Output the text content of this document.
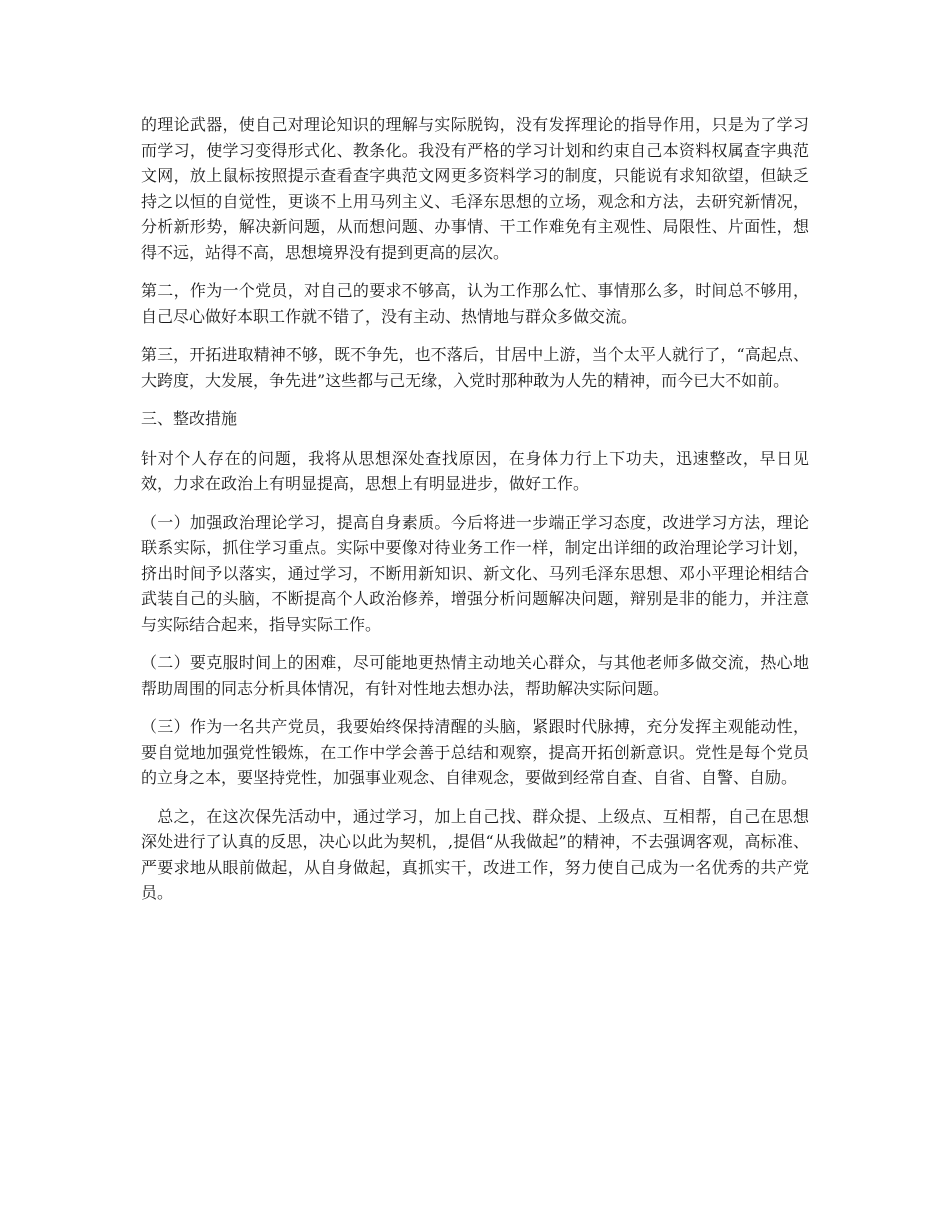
的理论武器，使自己对理论知识的理解与实际脱钩，没有发挥理论的指导作用，只是为了学习而学习，使学习变得形式化、教条化。我没有严格的学习计划和约束自己本资料权属查字典范文网，放上鼠标按照提示查看查字典范文网更多资料学习的制度，只能说有求知欲望，但缺乏持之以恒的自觉性，更谈不上用马列主义、毛泽东思想的立场，观念和方法，去研究新情况，分析新形势，解决新问题，从而想问题、办事情、干工作难免有主观性、局限性、片面性，想得不远，站得不高，思想境界没有提到更高的层次。

第二，作为一个党员，对自己的要求不够高，认为工作那么忙、事情那么多，时间总不够用，自己尽心做好本职工作就不错了，没有主动、热情地与群众多做交流。

第三，开拓进取精神不够，既不争先，也不落后，甘居中上游，当个太平人就行了，“高起点、大跨度，大发展，争先进”这些都与己无缘，入党时那种敢为人先的精神，而今已大不如前。

三、整改措施

针对个人存在的问题，我将从思想深处查找原因，在身体力行上下功夫，迅速整改，早日见效，力求在政治上有明显提高，思想上有明显进步，做好工作。

（一）加强政治理论学习，提高自身素质。今后将进一步端正学习态度，改进学习方法，理论联系实际，抓住学习重点。实际中要像对待业务工作一样，制定出详细的政治理论学习计划，挤出时间予以落实，通过学习，不断用新知识、新文化、马列毛泽东思想、邓小平理论相结合武装自己的头脑，不断提高个人政治修养，增强分析问题解决问题，辩别是非的能力，并注意与实际结合起来，指导实际工作。

（二）要克服时间上的困难，尽可能地更热情主动地关心群众，与其他老师多做交流，热心地帮助周围的同志分析具体情况，有针对性地去想办法，帮助解决实际问题。

（三）作为一名共产党员，我要始终保持清醒的头脑，紧跟时代脉搏，充分发挥主观能动性，要自觉地加强党性锻炼，在工作中学会善于总结和观察，提高开拓创新意识。党性是每个党员的立身之本，要坚持党性，加强事业观念、自律观念，要做到经常自查、自省、自警、自励。

　总之，在这次保先活动中，通过学习，加上自己找、群众提、上级点、互相帮，自己在思想深处进行了认真的反思，决心以此为契机，,提倡“从我做起”的精神，不去强调客观，高标准、严要求地从眼前做起，从自身做起，真抓实干，改进工作，努力使自己成为一名优秀的共产党员。
